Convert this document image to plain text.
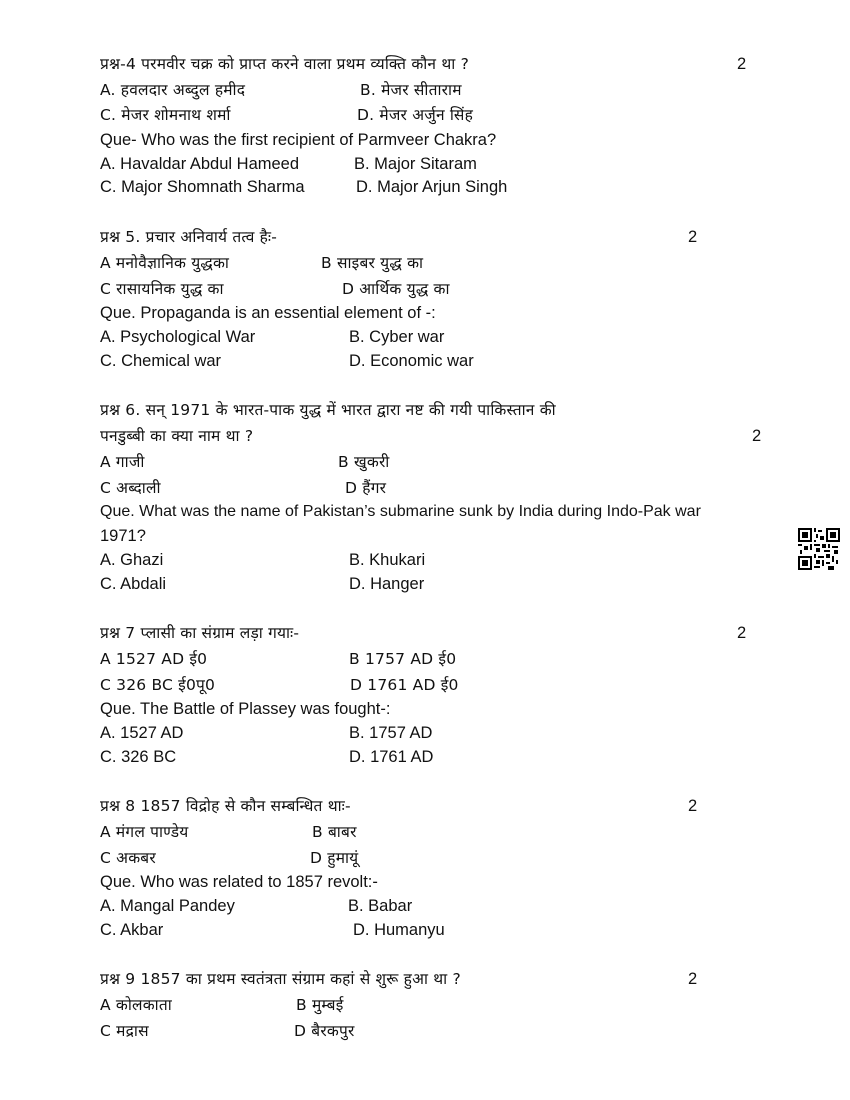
प्रश्न-4 परमवीर चक्र को प्राप्त करने वाला प्रथम व्यक्ति कौन था ?	2
A. हवलदार अब्दुल हमीद	B. मेजर सीताराम
C. मेजर शोमनाथ शर्मा	D. मेजर अर्जुन सिंह
Que- Who was the first recipient of Parmveer Chakra?
A. Havaldar Abdul Hameed	B. Major Sitaram
C. Major Shomnath Sharma	D. Major Arjun Singh
प्रश्न 5. प्रचार अनिवार्य तत्व हैः-	2
A मनोवैज्ञानिक युद्धका	B साइबर युद्ध का
C रासायनिक युद्ध का	D आर्थिक युद्ध का
Que. Propaganda is an essential element of -:
A. Psychological War	B. Cyber war
C. Chemical war	D. Economic war
प्रश्न 6. सन् 1971 के भारत-पाक युद्ध में भारत द्वारा नष्ट की गयी पाकिस्तान की
पनडुब्बी का क्या नाम था ?	2
A गाजी	B खुकरी
C अब्दाली	D हैंगर
Que. What was the name of Pakistan’s submarine sunk by India during Indo-Pak war
1971?
A. Ghazi	B. Khukari
C. Abdali	D. Hanger
प्रश्न 7 प्लासी का संग्राम लड़ा गयाः-	2
A 1527 AD ई0	B 1757 AD ई0
C 326 BC ई0पू0	D 1761 AD ई0
Que. The Battle of Plassey was fought-:
A. 1527 AD	B. 1757 AD
C. 326 BC	D. 1761 AD
प्रश्न 8 1857 विद्रोह से कौन सम्बन्धित थाः-	2
A मंगल पाण्डेय	B बाबर
C अकबर	D हुमायूं
Que. Who was related to 1857 revolt:-
A. Mangal Pandey	B. Babar
C. Akbar	D. Humanyu
प्रश्न 9 1857 का प्रथम स्वतंत्रता संग्राम कहां से शुरू हुआ था ?	2
A कोलकाता	B मुम्बई
C मद्रास	D बैरकपुर
